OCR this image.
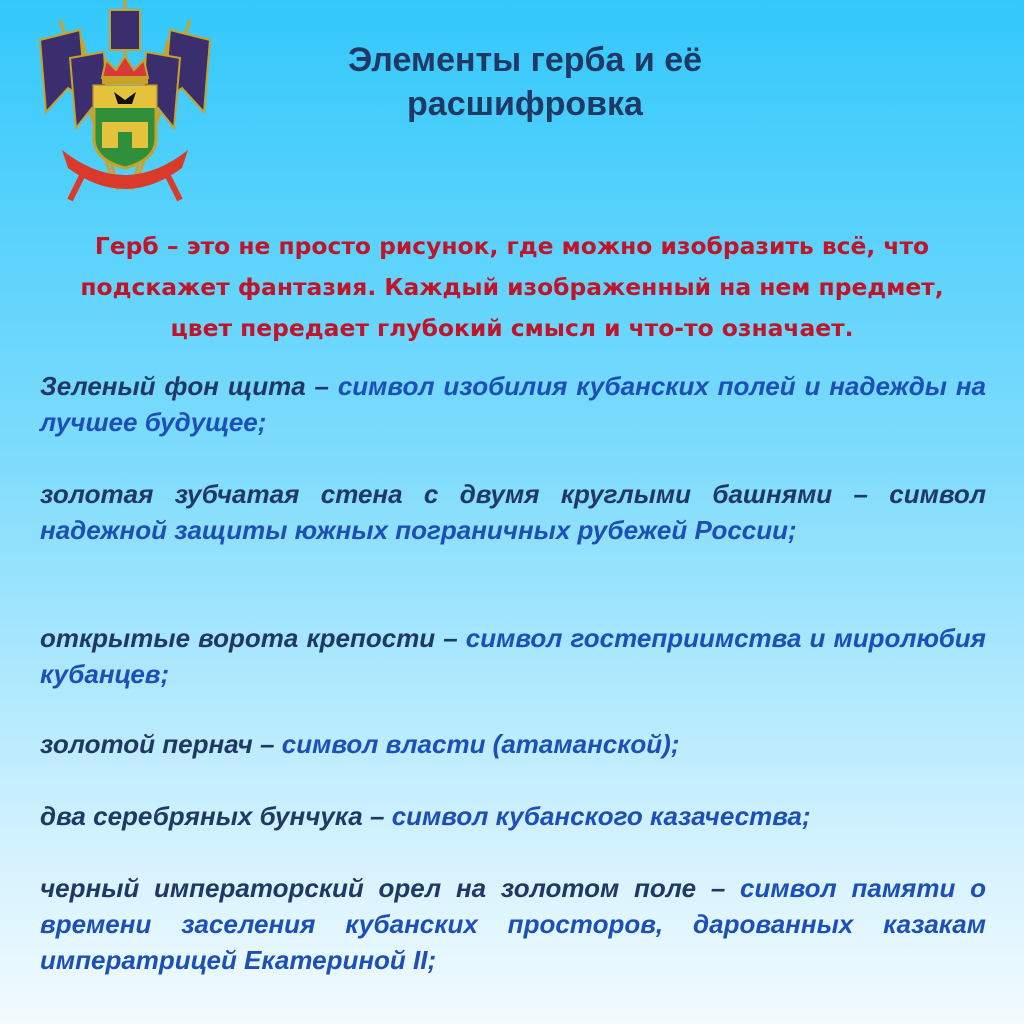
Элементы герба и её
расшифровка
Герб – это не просто рисунок, где можно изобразить всё, что
подскажет фантазия. Каждый изображенный на нем предмет,
цвет передает глубокий смысл и что-то означает.

Зеленый фон щита – символ изобилия кубанских полей и надежды на лучшее будущее;

золотая зубчатая стена с двумя круглыми башнями – символ надежной защиты южных пограничных рубежей России;

открытые ворота крепости – символ гостеприимства и миролюбия кубанцев;

золотой пернач – символ власти (атаманской);

два серебряных бунчука – символ кубанского казачества;

черный императорский орел на золотом поле – символ памяти о времени заселения кубанских просторов, дарованных казакам императрицей Екатериной II;
